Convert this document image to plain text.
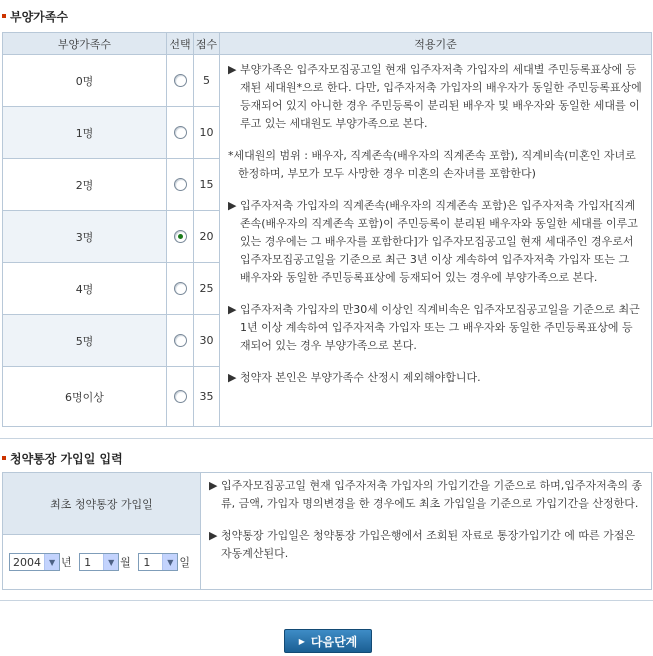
부양가족수
부양가족수	선택	점수	적용기준
0명		5	▶ 부양가족은 입주자모집공고일 현재 입주자저축 가입자의 세대별 주민등록표상에 등재된 세대원*으로 한다. 다만, 입주자저축 가입자의 배우자가 동일한 주민등록표상에 등재되어 있지 아니한 경우 주민등록이 분리된 배우자 및 배우자와 동일한 세대를 이루고 있는 세대원도 부양가족으로 본다.

*세대원의 범위 : 배우자, 직계존속(배우자의 직계존속 포함), 직계비속(미혼인 자녀로 한정하며, 부모가 모두 사망한 경우 미혼의 손자녀를 포함한다)

▶ 입주자저축 가입자의 직계존속(배우자의 직계존속 포함)은 입주자저축 가입자[직계존속(배우자의 직계존속 포함)이 주민등록이 분리된 배우자와 동일한 세대를 이루고 있는 경우에는 그 배우자를 포함한다]가 입주자모집공고일 현재 세대주인 경우로서 입주자모집공고일을 기준으로 최근 3년 이상 계속하여 입주자저축 가입자 또는 그 배우자와 동일한 주민등록표상에 등재되어 있는 경우에 부양가족으로 본다.

▶ 입주자저축 가입자의 만30세 이상인 직계비속은 입주자모집공고일을 기준으로 최근 1년 이상 계속하여 입주자저축 가입자 또는 그 배우자와 동일한 주민등록표상에 등재되어 있는 경우 부양가족으로 본다.

▶ 청약자 본인은 부양가족수 산정시 제외해야합니다.

1명		10	
2명		15	
3명		20	
4명		25	
5명		30	
6명이상		35	
청약통장 가입일 입력
최초 청약통장 가입일	

▶ 입주자모집공고일 현재 입주자저축 가입자의 가입기간을 기준으로 하며,입주자저축의 종류, 금액, 가입자 명의변경을 한 경우에도 최초 가입일을 기준으로 가입기간을 산정한다.

▶ 청약통장 가입일은 청약통장 가입은행에서 조회된 자료로 통장가입기간 에 따른 가점은 자동계산된다.

2004 ▼ 년	1	▼ 월	1	▼ 일
▶ 다음단계
